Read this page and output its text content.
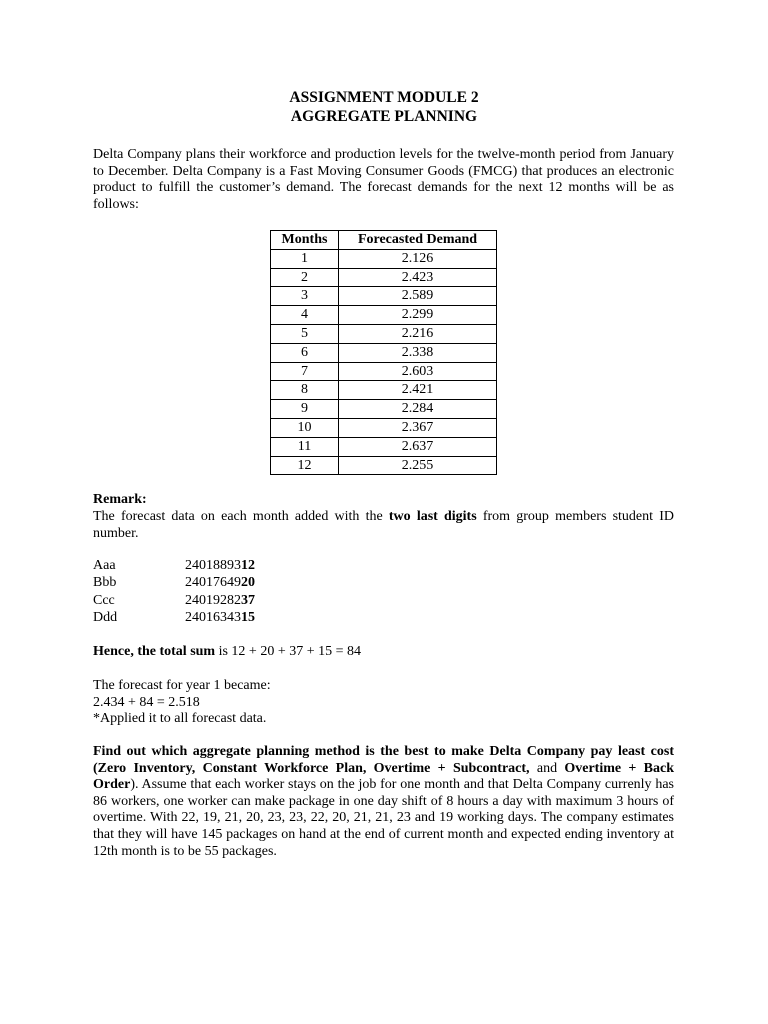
ASSIGNMENT MODULE 2
AGGREGATE PLANNING
Delta Company plans their workforce and production levels for the twelve-month period from January to December. Delta Company is a Fast Moving Consumer Goods (FMCG) that produces an electronic product to fulfill the customer’s demand. The forecast demands for the next 12 months will be as follows:
Months	Forecasted Demand
1	2.126
2	2.423
3	2.589
4	2.299
5	2.216
6	2.338
7	2.603
8	2.421
9	2.284
10	2.367
11	2.637
12	2.255
Remark:
The forecast data on each month added with the two last digits from group members student ID number.
Aaa	2401889312
Bbb	2401764920
Ccc	2401928237
Ddd	2401634315
Hence, the total sum is 12 + 20 + 37 + 15 = 84
The forecast for year 1 became:
2.434 + 84 = 2.518
*Applied it to all forecast data.
Find out which aggregate planning method is the best to make Delta Company pay least cost (Zero Inventory, Constant Workforce Plan, Overtime + Subcontract, and Overtime + Back Order). Assume that each worker stays on the job for one month and that Delta Company currenly has 86 workers, one worker can make package in one day shift of 8 hours a day with maximum 3 hours of overtime. With 22, 19, 21, 20, 23, 23, 22, 20, 21, 21, 23 and 19 working days. The company estimates that they will have 145 packages on hand at the end of current month and expected ending inventory at 12th month is to be 55 packages.
